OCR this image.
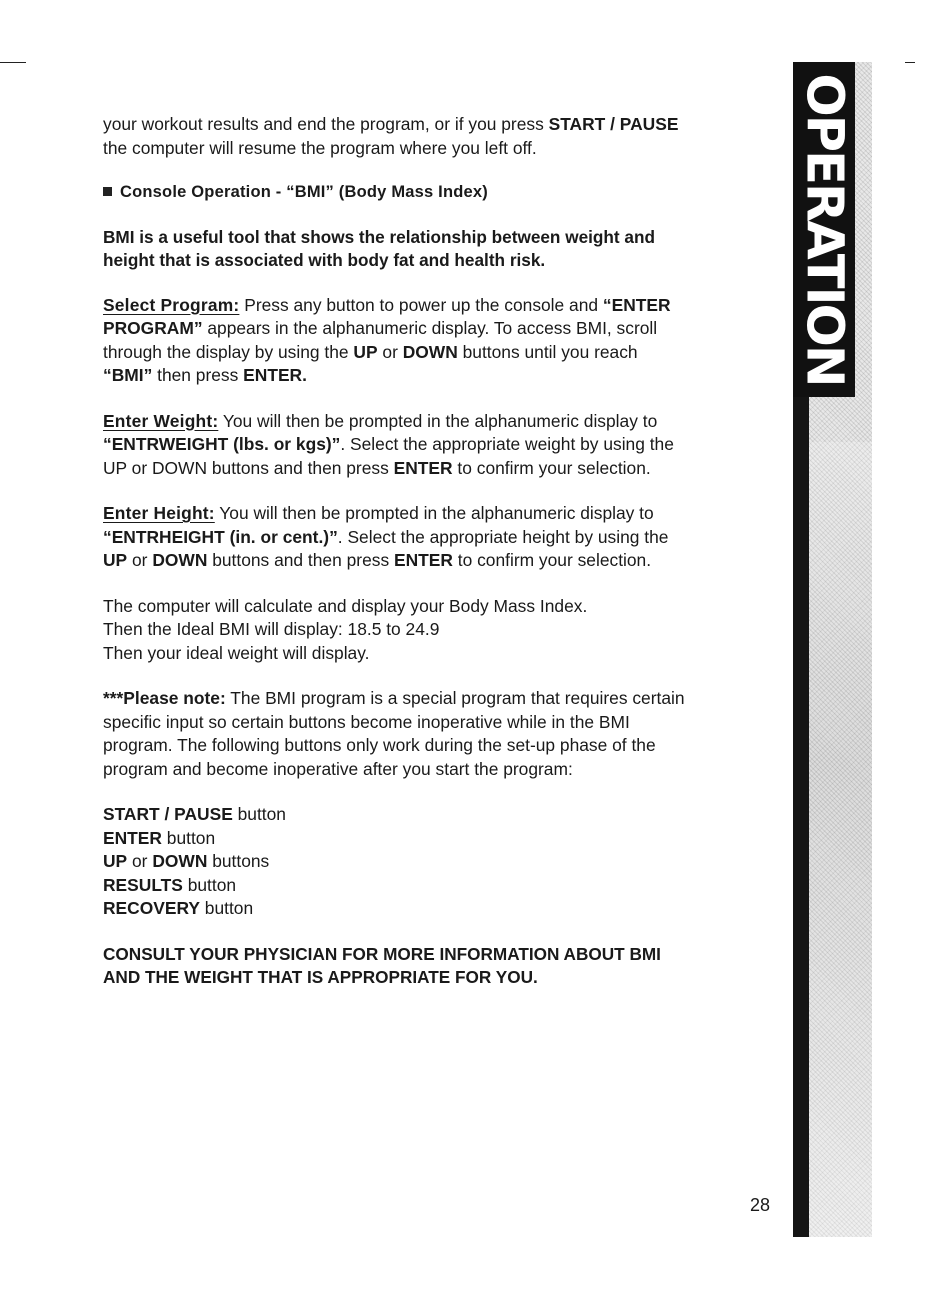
your workout results and end the program, or if you press START / PAUSE
the computer will resume the program where you left off.

Console Operation - “BMI” (Body Mass Index)

BMI is a useful tool that shows the relationship between weight and
height that is associated with body fat and health risk.

Select Program: Press any button to power up the console and “ENTER
PROGRAM” appears in the alphanumeric display. To access BMI, scroll
through the display by using the UP or DOWN buttons until you reach
“BMI” then press ENTER.

Enter Weight: You will then be prompted in the alphanumeric display to
“ENTRWEIGHT (lbs. or kgs)”. Select the appropriate weight by using the
UP or DOWN buttons and then press ENTER to confirm your selection.

Enter Height: You will then be prompted in the alphanumeric display to
“ENTRHEIGHT (in. or cent.)”. Select the appropriate height by using the
UP or DOWN buttons and then press ENTER to confirm your selection.

The computer will calculate and display your Body Mass Index.
Then the Ideal BMI will display: 18.5 to 24.9
Then your ideal weight will display.

***Please note: The BMI program is a special program that requires certain
specific input so certain buttons become inoperative while in the BMI
program. The following buttons only work during the set-up phase of the
program and become inoperative after you start the program:

START / PAUSE button
ENTER button
UP or DOWN buttons
RESULTS button
RECOVERY button

CONSULT YOUR PHYSICIAN FOR MORE INFORMATION ABOUT BMI
AND THE WEIGHT THAT IS APPROPRIATE FOR YOU.

OPERATION
28
